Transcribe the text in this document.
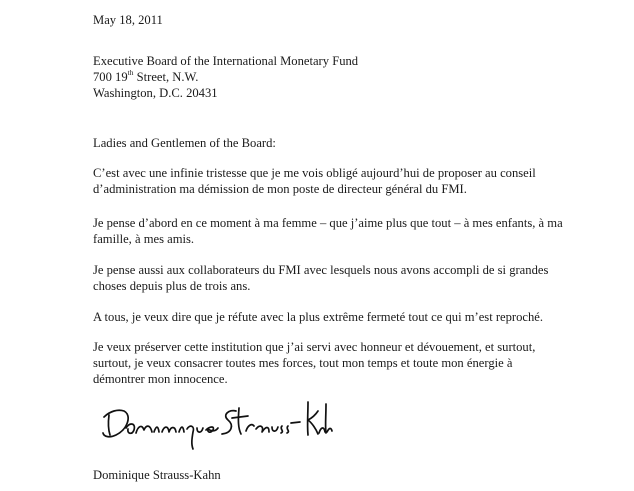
May 18, 2011
Executive Board of the International Monetary Fund
700 19th Street, N.W.
Washington, D.C. 20431
Ladies and Gentlemen of the Board:
C’est avec une infinie tristesse que je me vois obligé aujourd’hui de proposer au conseil
d’administration ma démission de mon poste de directeur général du FMI.
Je pense d’abord en ce moment à ma femme – que j’aime plus que tout – à mes enfants, à ma
famille, à mes amis.
Je pense aussi aux collaborateurs du FMI avec lesquels nous avons accompli de si grandes
choses depuis plus de trois ans.
A tous, je veux dire que je réfute avec la plus extrême fermeté tout ce qui m’est reproché.
Je veux préserver cette institution que j’ai servi avec honneur et dévouement, et surtout,
surtout, je veux consacrer toutes mes forces, tout mon temps et toute mon énergie à
démontrer mon innocence.
Dominique Strauss-Kahn
